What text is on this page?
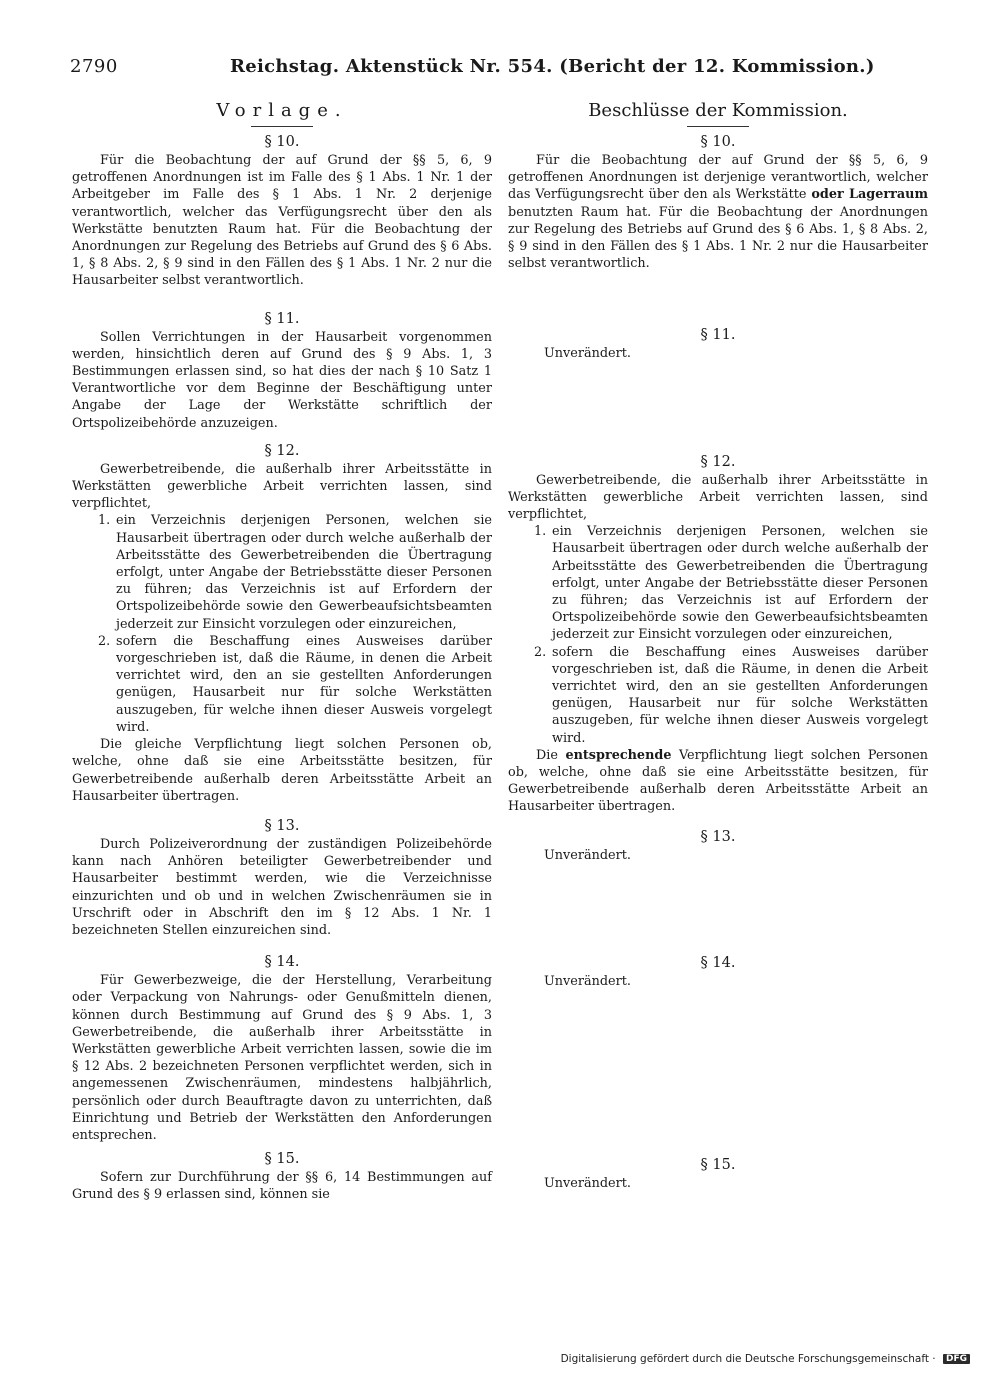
2790	Reichstag. Aktenstück Nr. 554. (Bericht der 12. Kommission.)
Vorlage.
§ 10.

Für die Beobachtung der auf Grund der §§ 5, 6, 9 getroffenen Anordnungen ist im Falle des § 1 Abs. 1 Nr. 1 der Arbeitgeber im Falle des § 1 Abs. 1 Nr. 2 derjenige verantwortlich, welcher das Verfügungsrecht über den als Werkstätte benutzten Raum hat. Für die Beobachtung der Anordnungen zur Regelung des Betriebs auf Grund des § 6 Abs. 1, § 8 Abs. 2, § 9 sind in den Fällen des § 1 Abs. 1 Nr. 2 nur die Hausarbeiter selbst verantwortlich.

§ 11.

Sollen Verrichtungen in der Hausarbeit vorgenommen werden, hinsichtlich deren auf Grund des § 9 Abs. 1, 3 Bestimmungen erlassen sind, so hat dies der nach § 10 Satz 1 Verantwortliche vor dem Beginne der Beschäftigung unter Angabe der Lage der Werkstätte schriftlich der Ortspolizeibehörde anzuzeigen.

§ 12.

Gewerbetreibende, die außerhalb ihrer Arbeitsstätte in Werkstätten gewerbliche Arbeit verrichten lassen, sind verpflichtet,

1. ein Verzeichnis derjenigen Personen, welchen sie Hausarbeit übertragen oder durch welche außerhalb der Arbeitsstätte des Gewerbetreibenden die Übertragung erfolgt, unter Angabe der Betriebsstätte dieser Personen zu führen; das Verzeichnis ist auf Erfordern der Ortspolizeibehörde sowie den Gewerbeaufsichtsbeamten jederzeit zur Einsicht vorzulegen oder einzureichen,
2. sofern die Beschaffung eines Ausweises darüber vorgeschrieben ist, daß die Räume, in denen die Arbeit verrichtet wird, den an sie gestellten Anforderungen genügen, Hausarbeit nur für solche Werkstätten auszugeben, für welche ihnen dieser Ausweis vorgelegt wird.

Die gleiche Verpflichtung liegt solchen Personen ob, welche, ohne daß sie eine Arbeitsstätte besitzen, für Gewerbetreibende außerhalb deren Arbeitsstätte Arbeit an Hausarbeiter übertragen.

§ 13.

Durch Polizeiverordnung der zuständigen Polizeibehörde kann nach Anhören beteiligter Gewerbetreibender und Hausarbeiter bestimmt werden, wie die Verzeichnisse einzurichten und ob und in welchen Zwischenräumen sie in Urschrift oder in Abschrift den im § 12 Abs. 1 Nr. 1 bezeichneten Stellen einzureichen sind.

§ 14.

Für Gewerbezweige, die der Herstellung, Verarbeitung oder Verpackung von Nahrungs- oder Genußmitteln dienen, können durch Bestimmung auf Grund des § 9 Abs. 1, 3 Gewerbetreibende, die außerhalb ihrer Arbeitsstätte in Werkstätten gewerbliche Arbeit verrichten lassen, sowie die im § 12 Abs. 2 bezeichneten Personen verpflichtet werden, sich in angemessenen Zwischenräumen, mindestens halbjährlich, persönlich oder durch Beauftragte davon zu unterrichten, daß Einrichtung und Betrieb der Werkstätten den Anforderungen entsprechen.

§ 15.

Sofern zur Durchführung der §§ 6, 14 Bestimmungen auf Grund des § 9 erlassen sind, können sie

Beschlüsse der Kommission.
§ 10.

Für die Beobachtung der auf Grund der §§ 5, 6, 9 getroffenen Anordnungen ist derjenige verantwortlich, welcher das Verfügungsrecht über den als Werkstätte oder Lagerraum benutzten Raum hat. Für die Beobachtung der Anordnungen zur Regelung des Betriebs auf Grund des § 6 Abs. 1, § 8 Abs. 2, § 9 sind in den Fällen des § 1 Abs. 1 Nr. 2 nur die Hausarbeiter selbst verantwortlich.

§ 11.

Unverändert.

§ 12.

Gewerbetreibende, die außerhalb ihrer Arbeitsstätte in Werkstätten gewerbliche Arbeit verrichten lassen, sind verpflichtet,

1. ein Verzeichnis derjenigen Personen, welchen sie Hausarbeit übertragen oder durch welche außerhalb der Arbeitsstätte des Gewerbetreibenden die Übertragung erfolgt, unter Angabe der Betriebsstätte dieser Personen zu führen; das Verzeichnis ist auf Erfordern der Ortspolizeibehörde sowie den Gewerbeaufsichtsbeamten jederzeit zur Einsicht vorzulegen oder einzureichen,
2. sofern die Beschaffung eines Ausweises darüber vorgeschrieben ist, daß die Räume, in denen die Arbeit verrichtet wird, den an sie gestellten Anforderungen genügen, Hausarbeit nur für solche Werkstätten auszugeben, für welche ihnen dieser Ausweis vorgelegt wird.

Die entsprechende Verpflichtung liegt solchen Personen ob, welche, ohne daß sie eine Arbeitsstätte besitzen, für Gewerbetreibende außerhalb deren Arbeitsstätte Arbeit an Hausarbeiter übertragen.

§ 13.

Unverändert.

§ 14.

Unverändert.

§ 15.

Unverändert.

Digitalisierung gefördert durch die Deutsche Forschungsgemeinschaft · DFG
